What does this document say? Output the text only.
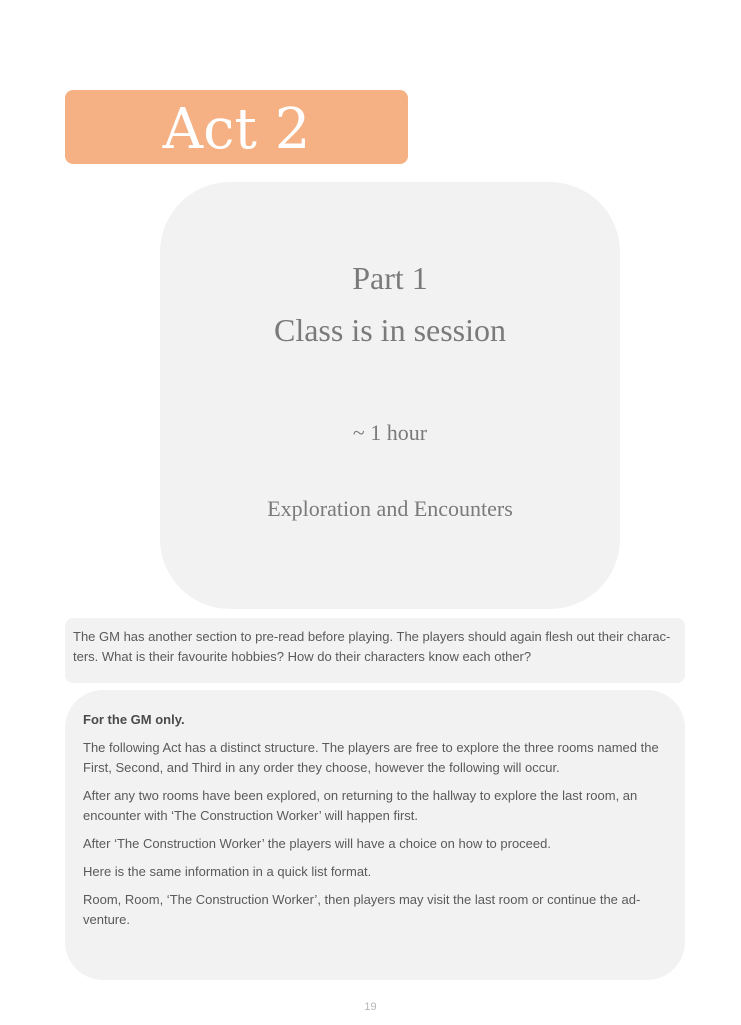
Act 2
Part 1
Class is in session

~ 1 hour

Exploration and Encounters

The GM has another section to pre-read before playing. The players should again flesh out their charac-ters. What is their favourite hobbies? How do their characters know each other?

For the GM only.

The following Act has a distinct structure. The players are free to explore the three rooms named the First, Second, and Third in any order they choose, however the following will occur.

After any two rooms have been explored, on returning to the hallway to explore the last room, an encounter with ‘The Construction Worker’ will happen first.

After ‘The Construction Worker’ the players will have a choice on how to proceed.

Here is the same information in a quick list format.

Room, Room, ‘The Construction Worker’, then players may visit the last room or continue the ad-venture.

19
